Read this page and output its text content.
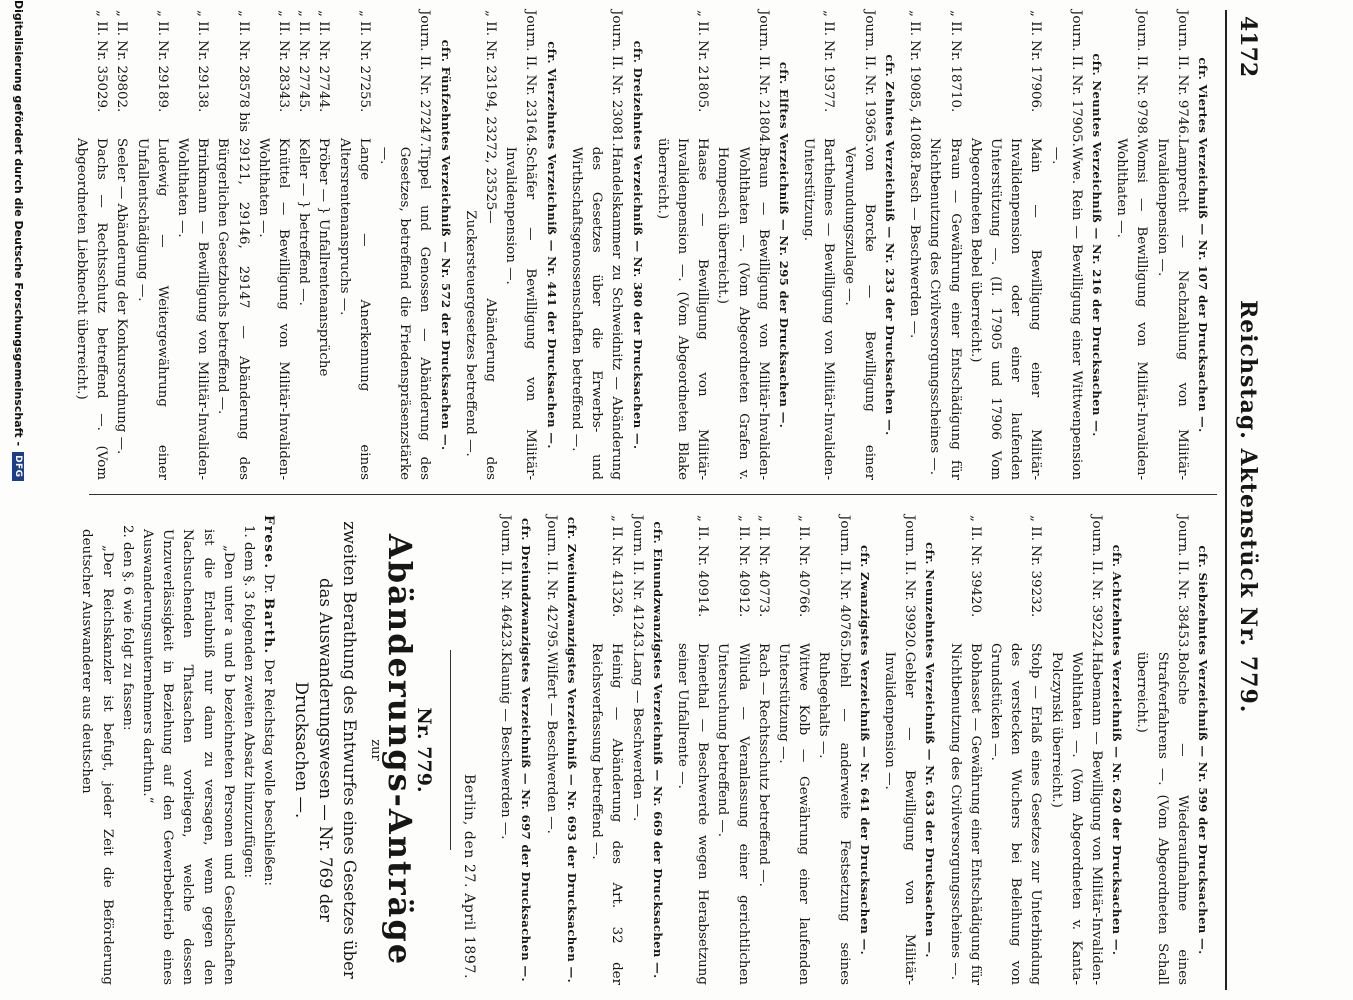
4172
Reichstag. Aktenstück Nr. 779.
cfr. Viertes Verzeichniß — Nr. 107 der Drucksachen —.
Journ. II. Nr. 9746.
Lamprecht — Nachzahlung von Militär-Invalidenpension —.
Journ. II. Nr. 9798.
Womsi — Bewilligung von Militär-Invaliden-Wohlthaten —.
cfr. Neuntes Verzeichniß — Nr. 216 der Drucksachen —.
Journ. II. Nr. 17905.
Wwe. Rein — Bewilligung einer Wittwenpension —.
„ II. Nr. 17906.
Main — Bewilligung einer Militär-Invalidenpension oder einer laufenden Unterstützung —. (II. 17905 und 17906 Vom Abgeordneten Bebel überreicht.)
„ II. Nr. 18710.
Braun — Gewährung einer Entschädigung für Nichtbenutzung des Civilversorgungsscheines —.
„ II. Nr. 19085, 41088.
Pasch — Beschwerden —.
cfr. Zehntes Verzeichniß — Nr. 233 der Drucksachen —.
Journ. II. Nr. 19365.
von Borcke — Bewilligung einer Verwundungszulage —.
„ II. Nr. 19377.
Barthelmes — Bewilligung von Militär-Invaliden-Unterstützung.
cfr. Elftes Verzeichniß — Nr. 295 der Drucksachen —.
Journ. II. Nr. 21804.
Braun — Bewilligung von Militär-Invaliden-Wohlthaten —. (Vom Abgeordneten Grafen v. Hompesch überreicht.)
„ II. Nr. 21805.
Haase — Bewilligung von Militär-Invalidenpension —. (Vom Abgeordneten Blake überreicht.)
cfr. Dreizehntes Verzeichniß — Nr. 380 der Drucksachen —.
Journ. II. Nr. 23081.
Handelskammer zu Schweidnitz — Abänderung des Gesetzes über die Erwerbs- und Wirthschaftsgenossenschaften betreffend —.
cfr. Vierzehntes Verzeichniß — Nr. 441 der Drucksachen —.
Journ. II. Nr. 23164.
Schäfer — Bewilligung von Militär-Invalidenpension —.
„ II. Nr. 23194, 23272, 23525
— Abänderung des Zuckersteuergesetzes betreffend —.
cfr. Fünfzehntes Verzeichniß — Nr. 572 der Drucksachen —.
Journ. II. Nr. 27247.
Tippel und Genossen — Abänderung des Gesetzes, betreffend die Friedenspräsenzstärke —.
„ II. Nr. 27255.
Lange — Anerkennung eines Altersrentenanspruchs —.
„ II. Nr. 27744.
Pröber — } Unfallrentenansprüche
„ II. Nr. 27745.
Keller — } betreffend —.
„ II. Nr. 28343.
Knüttel — Bewilligung von Militär-Invaliden-Wohlthaten —.
„ II. Nr. 28578 bis
29121, 29146, 29147 — Abänderung des Bürgerlichen Gesetzbuchs betreffend —.
„ II. Nr. 29138.
Brinkmann — Bewilligung von Militär-Invaliden-Wohlthaten —.
„ II. Nr. 29189.
Ludewig — Weitergewährung einer Unfallentschädigung —.
„ II. Nr. 29802.
Seeler — Abänderung der Konkursordnung —.
„ II. Nr. 35029.
Dachs — Rechtsschutz betreffend —. (Vom Abgeordneten Liebknecht überreicht.)
cfr. Siebzehntes Verzeichniß — Nr. 599 der Drucksachen —.
Journ. II. Nr. 38453.
Bolsche — Wiederaufnahme eines Strafverfahrens —. (Vom Abgeordneten Schall überreicht.)
cfr. Achtzehntes Verzeichniß — Nr. 620 der Drucksachen —.
Journ. II. Nr. 39224.
Habemann — Bewilligung von Militär-Invaliden-Wohlthaten —. (Vom Abgeordneten v. Kanta-Polczynski überreicht.)
„ II. Nr. 39232.
Stolp — Erlaß eines Gesetzes zur Unterbindung des verstecken Wuchers bei Beleihung von Grundstücken —.
„ II. Nr. 39420.
Bobhasset — Gewährung einer Entschädigung für Nichtbenutzung des Civilversorgungsscheines —.
cfr. Neunzehntes Verzeichniß — Nr. 633 der Drucksachen —.
Journ. II. Nr. 39920.
Gebler — Bewilligung von Militär-Invalidenpension —.
cfr. Zwanzigstes Verzeichniß — Nr. 641 der Drucksachen —.
Journ. II. Nr. 40765.
Diehl — anderweite Festsetzung seines Ruhegehalts —.
„ II. Nr. 40766.
Wittwe Kolb — Gewährung einer laufenden Unterstützung —.
„ II. Nr. 40773.
Rach — Rechtsschutz betreffend —.
„ II. Nr. 40912.
Wiluda — Veranlassung einer gerichtlichen Untersuchung betreffend —.
„ II. Nr. 40914.
Dienethal — Beschwerde wegen Herabsetzung seiner Unfallrente —.
cfr. Einundzwanzigstes Verzeichniß — Nr. 669 der Drucksachen —.
Journ. II. Nr. 41243.
Lang — Beschwerden —.
„ II. Nr. 41326.
Heinig — Abänderung des Art. 32 der Reichsverfassung betreffend —.
cfr. Zweiundzwanzigstes Verzeichniß — Nr. 693 der Drucksachen —.
Journ. II. Nr. 42795.
Wilfert — Beschwerden —.
cfr. Dreiundzwanzigstes Verzeichniß — Nr. 697 der Drucksachen —.
Journ. II. Nr. 46423.
Klaunig — Beschwerden —.
Berlin, den 27. April 1897.
Nr. 779.
Abänderungs-Anträge
zur
zweiten Berathung des Entwurfes eines Gesetzes über das Auswanderungswesen — Nr. 769 der Drucksachen —.
Frese. Dr. Barth. Der Reichstag wolle beschließen:
1. dem §. 3 folgenden zweiten Absatz hinzuzufügen:
„Den unter a und b bezeichneten Personen und Gesellschaften ist die Erlaubniß nur dann zu versagen, wenn gegen den Nachsuchenden Thatsachen vorliegen, welche dessen Unzuverlässigkeit in Beziehung auf den Gewerbebetrieb eines Auswanderungsunternehmers darthun.“
2. den §. 6 wie folgt zu fassen:
„Der Reichskanzler ist befugt, jeder Zeit die Beförderung deutscher Auswanderer aus deutschen
Digitalisierung gefördert durch die Deutsche Forschungsgemeinschaft -
DFG
